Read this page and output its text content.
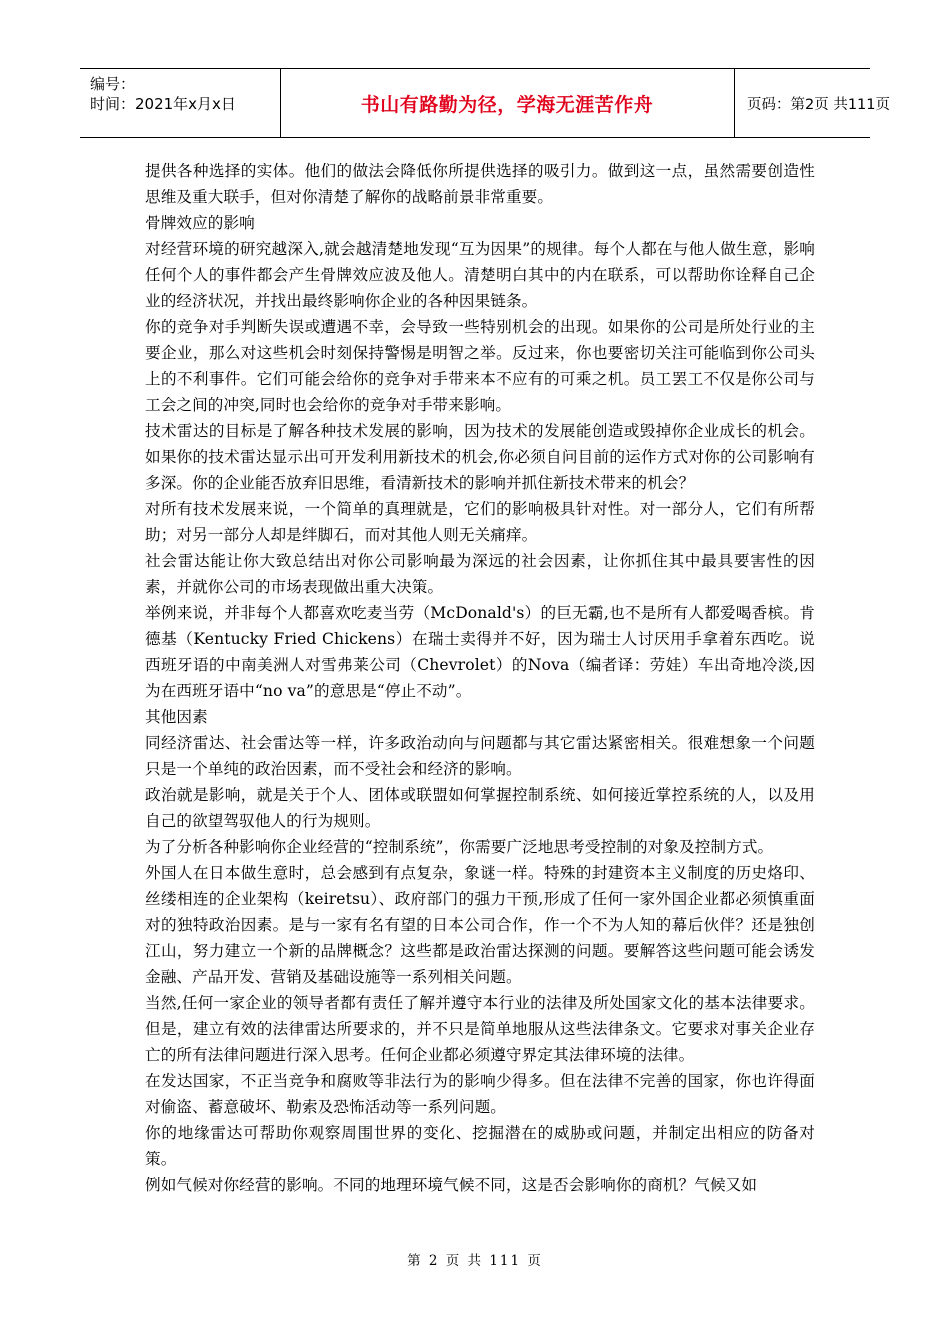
编号：
时间：2021年x月x日	书山有路勤为径，学海无涯苦作舟	页码：第2页 共111页

提供各种选择的实体。他们的做法会降低你所提供选择的吸引力。做到这一点，虽然需要创造性思维及重大联手，但对你清楚了解你的战略前景非常重要。

骨牌效应的影响

对经营环境的研究越深入,就会越清楚地发现“互为因果”的规律。每个人都在与他人做生意，影响任何个人的事件都会产生骨牌效应波及他人。清楚明白其中的内在联系，可以帮助你诠释自己企业的经济状况，并找出最终影响你企业的各种因果链条。

你的竞争对手判断失误或遭遇不幸，会导致一些特别机会的出现。如果你的公司是所处行业的主要企业，那么对这些机会时刻保持警惕是明智之举。反过来，你也要密切关注可能临到你公司头上的不利事件。它们可能会给你的竞争对手带来本不应有的可乘之机。员工罢工不仅是你公司与工会之间的冲突,同时也会给你的竞争对手带来影响。

技术雷达的目标是了解各种技术发展的影响，因为技术的发展能创造或毁掉你企业成长的机会。 如果你的技术雷达显示出可开发利用新技术的机会,你必须自问目前的运作方式对你的公司影响有多深。你的企业能否放弃旧思维，看清新技术的影响并抓住新技术带来的机会？

对所有技术发展来说，一个简单的真理就是，它们的影响极具针对性。对一部分人，它们有所帮助；对另一部分人却是绊脚石，而对其他人则无关痛痒。

社会雷达能让你大致总结出对你公司影响最为深远的社会因素，让你抓住其中最具要害性的因素，并就你公司的市场表现做出重大决策。

举例来说，并非每个人都喜欢吃麦当劳（McDonald's）的巨无霸,也不是所有人都爱喝香槟。肯德基（Kentucky Fried Chickens）在瑞士卖得并不好，因为瑞士人讨厌用手拿着东西吃。说西班牙语的中南美洲人对雪弗莱公司（Chevrolet）的Nova（编者译：劳娃）车出奇地冷淡,因为在西班牙语中“no va”的意思是“停止不动”。

其他因素

同经济雷达、社会雷达等一样，许多政治动向与问题都与其它雷达紧密相关。很难想象一个问题只是一个单纯的政治因素，而不受社会和经济的影响。

政治就是影响，就是关于个人、团体或联盟如何掌握控制系统、如何接近掌控系统的人，以及用自己的欲望驾驭他人的行为规则。

为了分析各种影响你企业经营的“控制系统”，你需要广泛地思考受控制的对象及控制方式。

外国人在日本做生意时，总会感到有点复杂，象谜一样。特殊的封建资本主义制度的历史烙印、丝缕相连的企业架构（keiretsu）、政府部门的强力干预,形成了任何一家外国企业都必须慎重面对的独特政治因素。是与一家有名有望的日本公司合作，作一个不为人知的幕后伙伴？还是独创江山，努力建立一个新的品牌概念？这些都是政治雷达探测的问题。要解答这些问题可能会诱发金融、产品开发、营销及基础设施等一系列相关问题。

当然,任何一家企业的领导者都有责任了解并遵守本行业的法律及所处国家文化的基本法律要求。但是，建立有效的法律雷达所要求的，并不只是简单地服从这些法律条文。它要求对事关企业存亡的所有法律问题进行深入思考。任何企业都必须遵守界定其法律环境的法律。

在发达国家，不正当竞争和腐败等非法行为的影响少得多。但在法律不完善的国家，你也许得面对偷盗、蓄意破坏、勒索及恐怖活动等一系列问题。

你的地缘雷达可帮助你观察周围世界的变化、挖掘潜在的威胁或问题，并制定出相应的防备对策。

例如气候对你经营的影响。不同的地理环境气候不同，这是否会影响你的商机？气候又如

第 2 页 共 111 页
